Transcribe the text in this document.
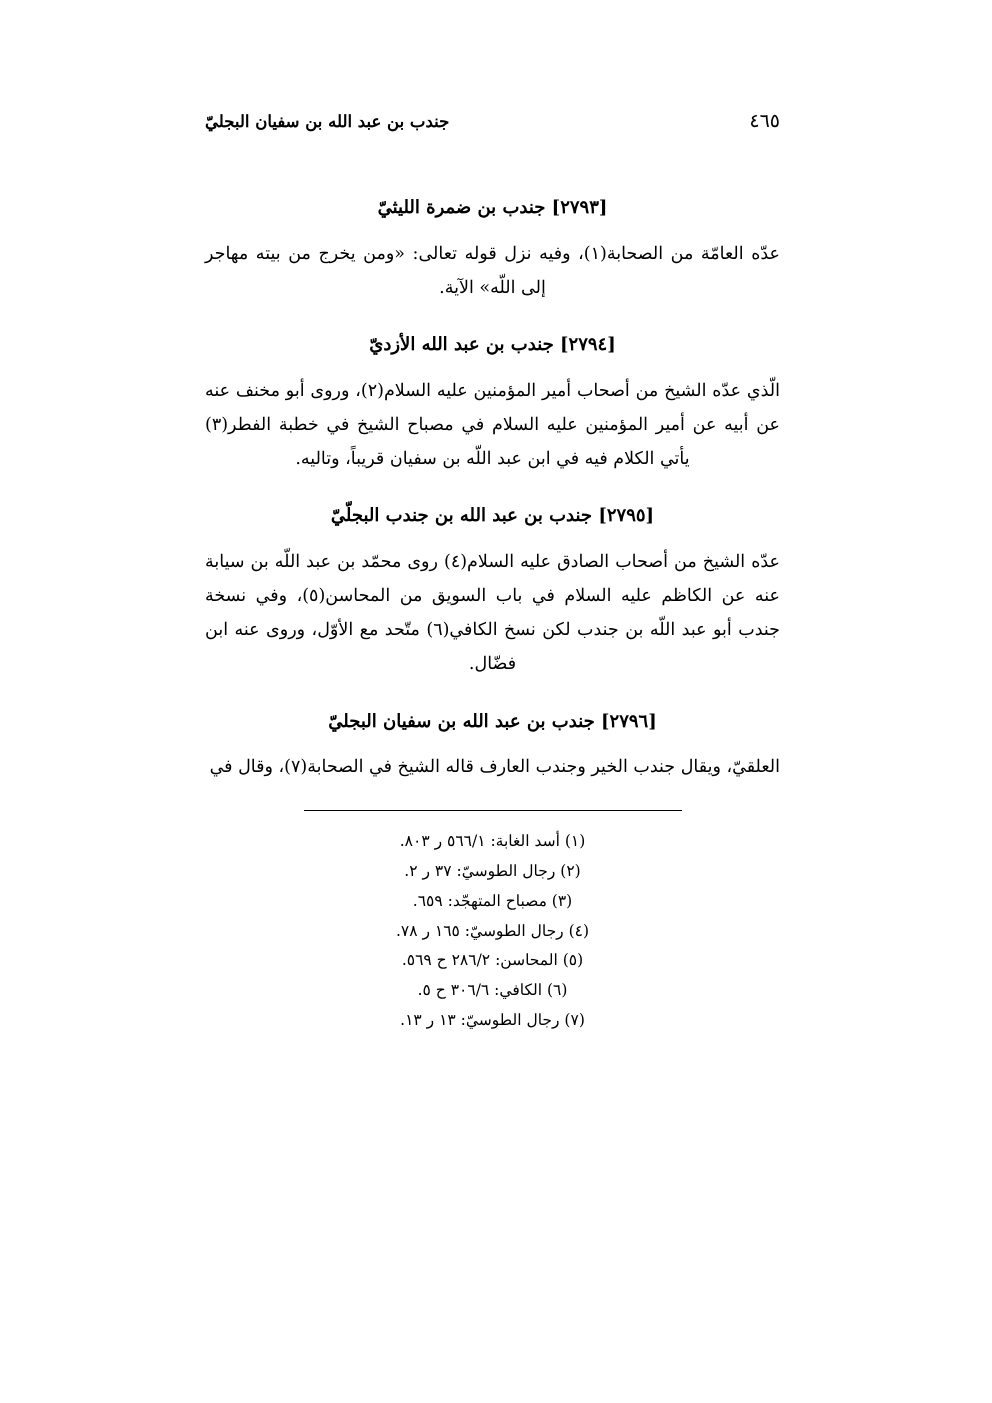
جندب بن عبد الله بن سفيان البجليّ	٤٦٥
[٢٧٩٣] جندب بن ضمرة الليثيّ

عدّه العامّة من الصحابة(١)، وفيه نزل قوله تعالى: «ومن يخرج من بيته مهاجر إلى اللّه» الآية.

[٢٧٩٤] جندب بن عبد الله الأزديّ

الّذي عدّه الشيخ من أصحاب أمير المؤمنين عليه السلام(٢)، وروى أبو مخنف عنه عن أبيه عن أمير المؤمنين عليه السلام في مصباح الشيخ في خطبة الفطر(٣) يأتي الكلام فيه في ابن عبد اللّه بن سفيان قريباً، وتاليه.

[٢٧٩٥] جندب بن عبد الله بن جندب البجلّيّ

عدّه الشيخ من أصحاب الصادق عليه السلام(٤) روى محمّد بن عبد اللّه بن سيابة عنه عن الكاظم عليه السلام في باب السويق من المحاسن(٥)، وفي نسخة جندب أبو عبد اللّه بن جندب لكن نسخ الكافي(٦) متّحد مع الأوّل، وروى عنه ابن فضّال.

[٢٧٩٦] جندب بن عبد الله بن سفيان البجليّ

العلقيّ، ويقال جندب الخير وجندب العارف قاله الشيخ في الصحابة(٧)، وقال في

(١) أسد الغابة: ٥٦٦/١ ر ٨٠٣.

(٢) رجال الطوسيّ: ٣٧ ر ٢.

(٣) مصباح المتهجّد: ٦٥٩.

(٤) رجال الطوسيّ: ١٦٥ ر ٧٨.

(٥) المحاسن: ٢٨٦/٢ ح ٥٦٩.

(٦) الكافي: ٣٠٦/٦ ح ٥.

(٧) رجال الطوسيّ: ١٣ ر ١٣.
